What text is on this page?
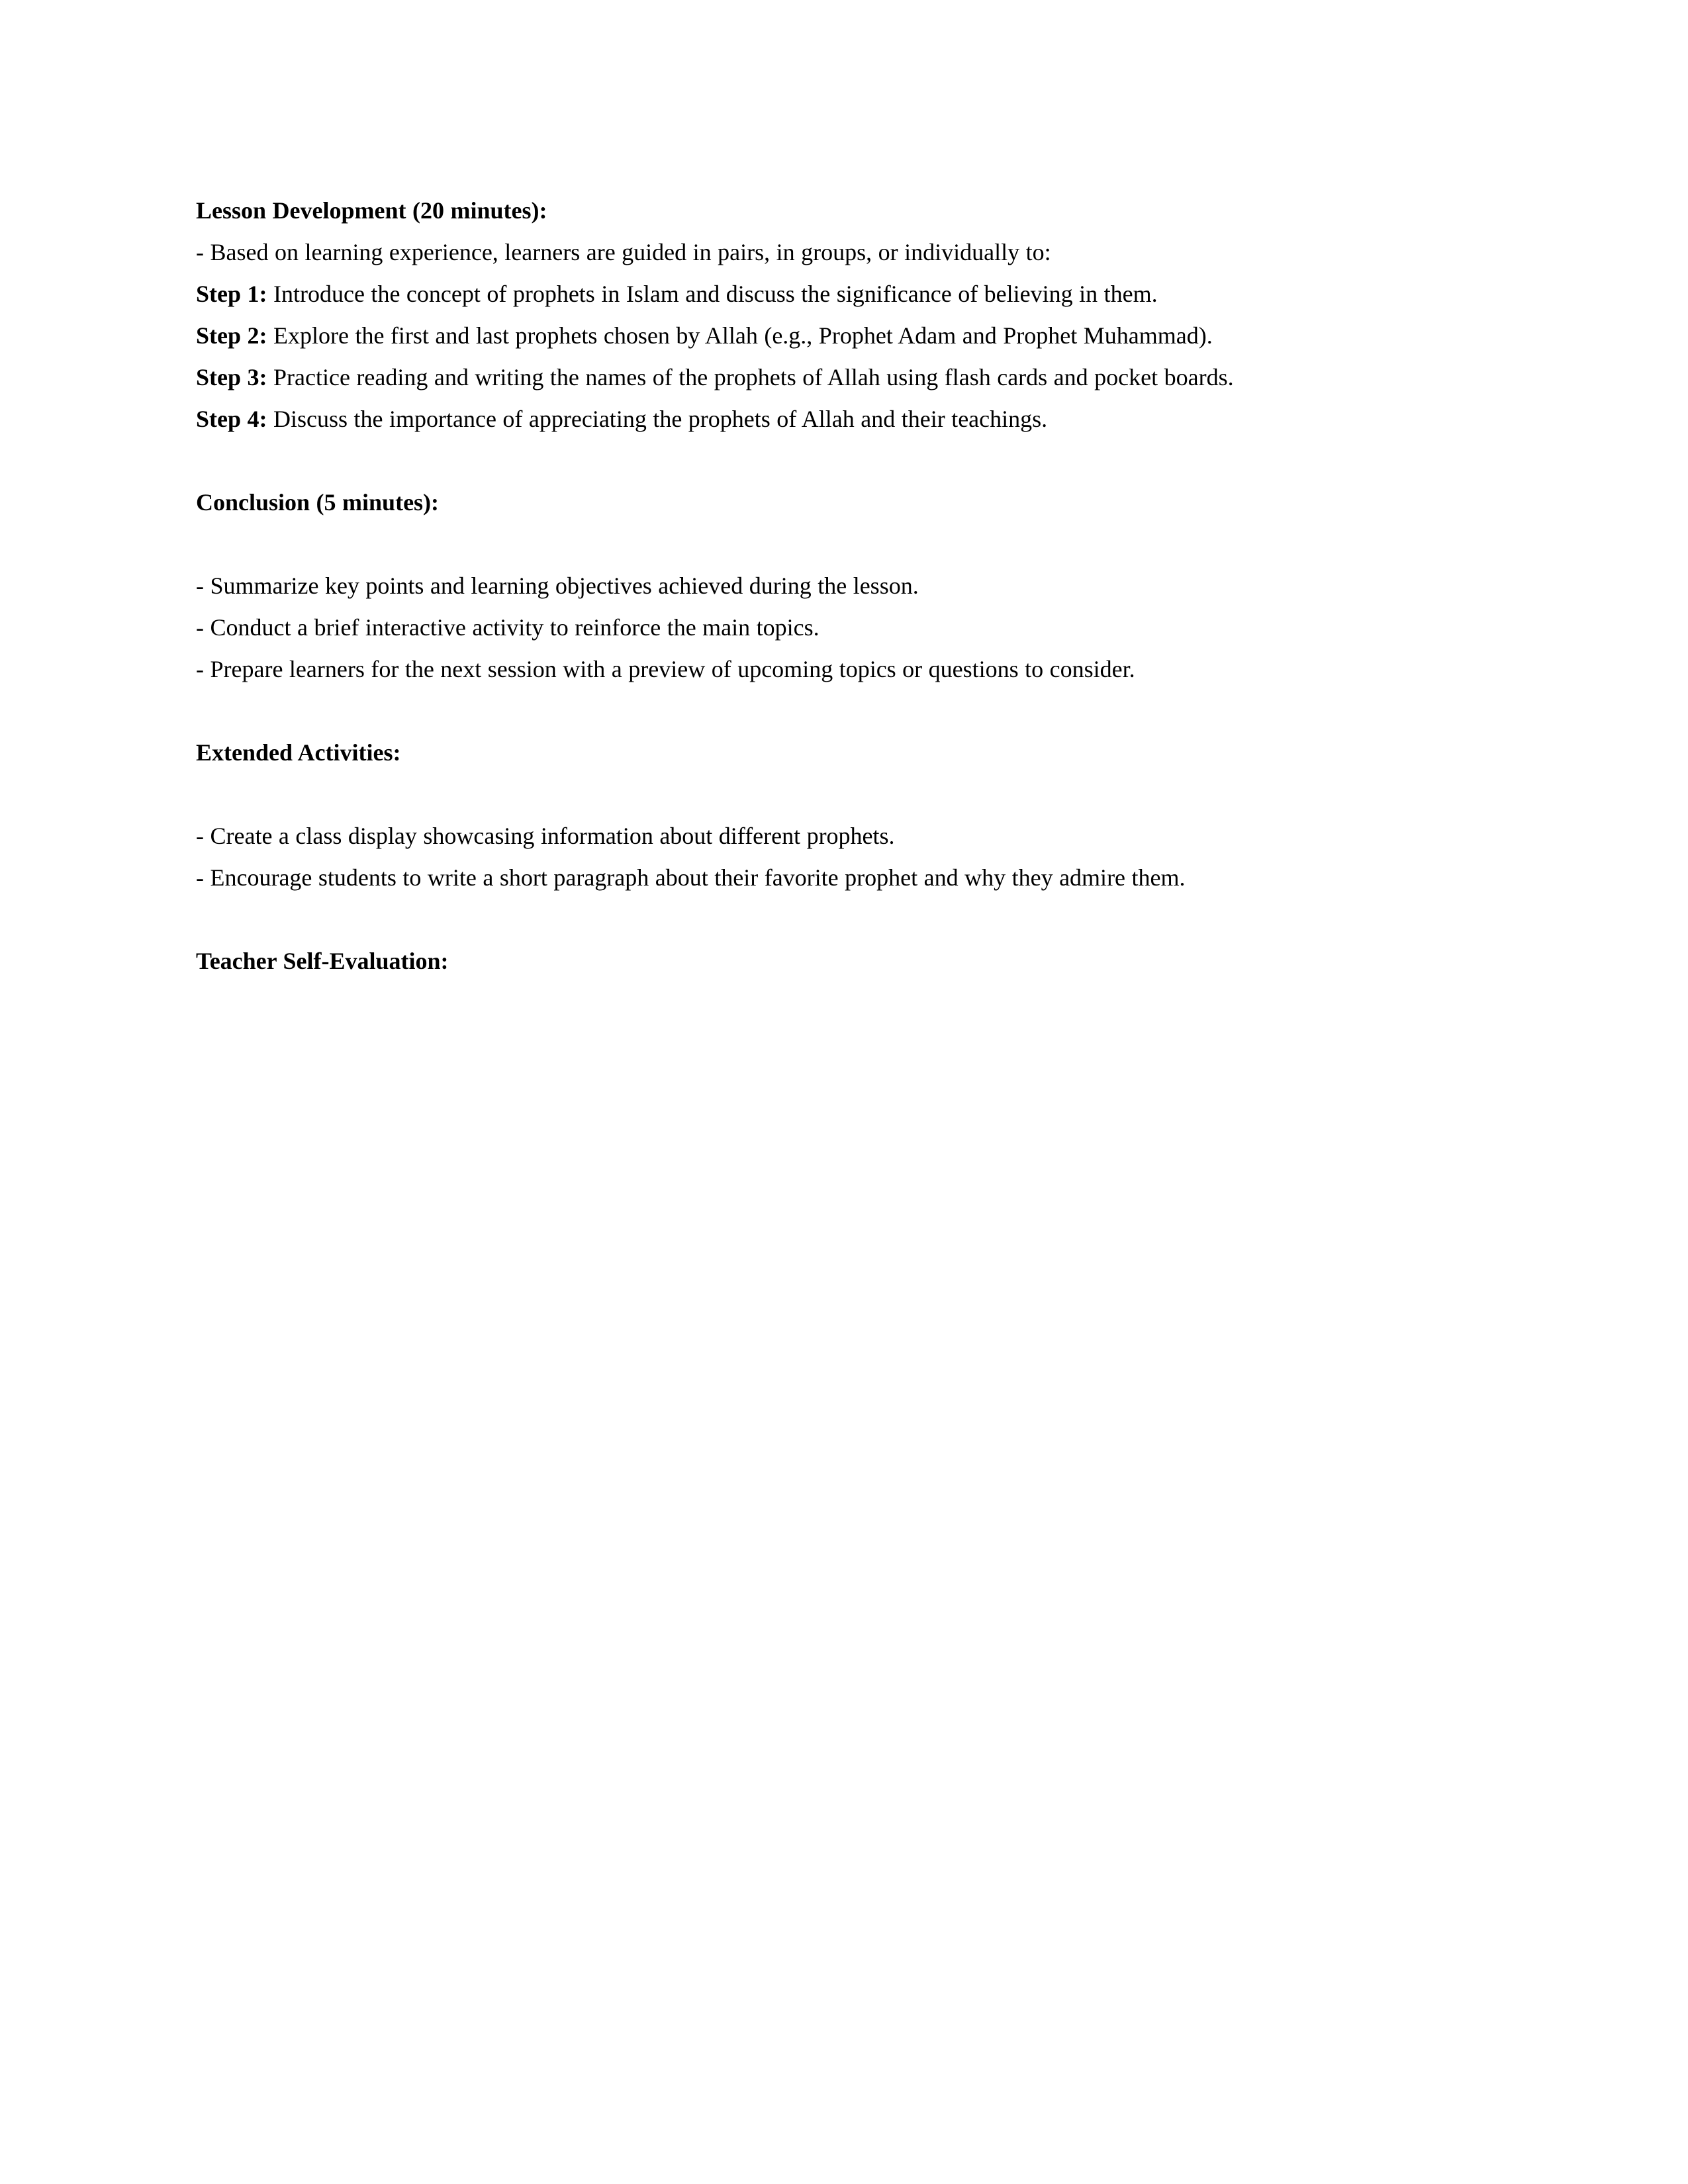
Lesson Development (20 minutes):

- Based on learning experience, learners are guided in pairs, in groups, or individually to:

Step 1: Introduce the concept of prophets in Islam and discuss the significance of believing in them.

Step 2: Explore the first and last prophets chosen by Allah (e.g., Prophet Adam and Prophet Muhammad).

Step 3: Practice reading and writing the names of the prophets of Allah using flash cards and pocket boards.

Step 4: Discuss the importance of appreciating the prophets of Allah and their teachings.

Conclusion (5 minutes):

- Summarize key points and learning objectives achieved during the lesson.

- Conduct a brief interactive activity to reinforce the main topics.

- Prepare learners for the next session with a preview of upcoming topics or questions to consider.

Extended Activities:

- Create a class display showcasing information about different prophets.

- Encourage students to write a short paragraph about their favorite prophet and why they admire them.

Teacher Self-Evaluation:
